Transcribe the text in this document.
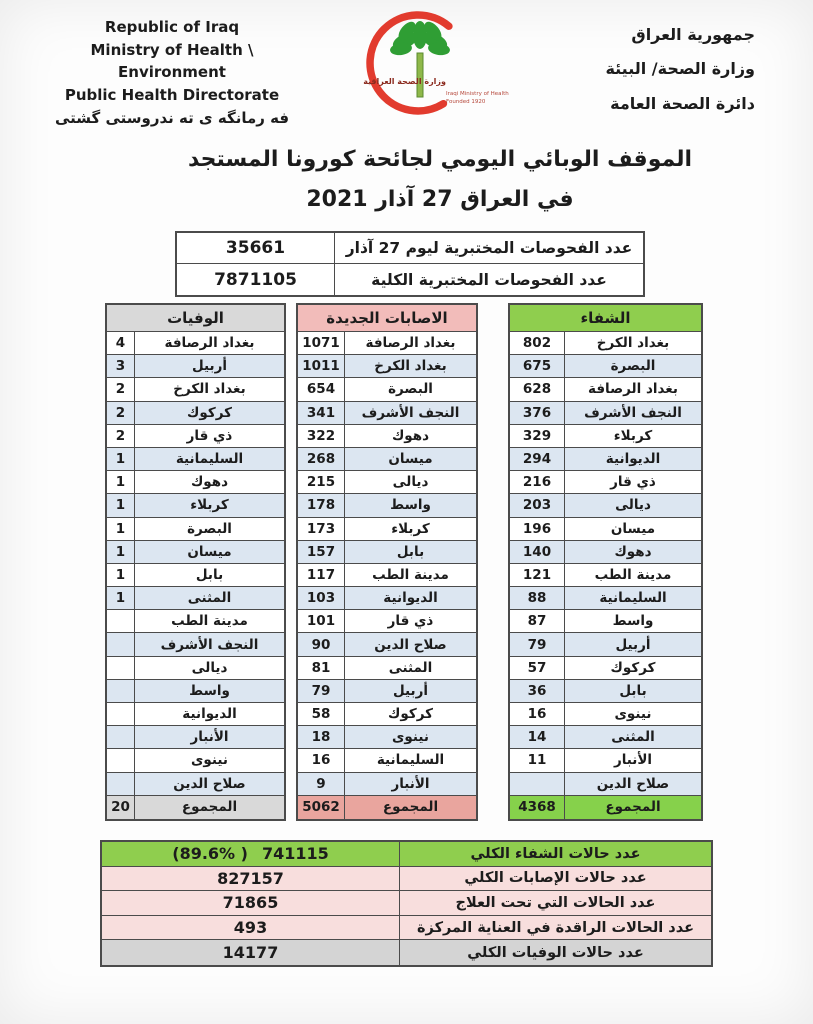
Republic of Iraq
Ministry of Health \ Environment
Public Health Directorate
فه رمانگه ى ته ندروستى گشتى
وزارة الصحة العراقية
Iraqi Ministry of Health
Founded 1920
جمهورية العراق
وزارة الصحة/ البيئة
دائرة الصحة العامة
الموقف الوبائي اليومي لجائحة كورونا المستجد
في العراق 27 آذار 2021
35661	عدد الفحوصات المختبرية ليوم 27 آذار
7871105	عدد الفحوصات المختبرية الكلية
الوفيات
4	بغداد الرصافة
3	أربيل
2	بغداد الكرخ
2	كركوك
2	ذي قار
1	السليمانية
1	دهوك
1	كربلاء
1	البصرة
1	ميسان
1	بابل
1	المثنى
مدينة الطب
النجف الأشرف
ديالى
واسط
الديوانية
الأنبار
نينوى
صلاح الدين
20	المجموع
الاصابات الجديدة
1071	بغداد الرصافة
1011	بغداد الكرخ
654	البصرة
341	النجف الأشرف
322	دهوك
268	ميسان
215	ديالى
178	واسط
173	كربلاء
157	بابل
117	مدينة الطب
103	الديوانية
101	ذي قار
90	صلاح الدين
81	المثنى
79	أربيل
58	كركوك
18	نينوى
16	السليمانية
9	الأنبار
5062	المجموع
الشفاء
802	بغداد الكرخ
675	البصرة
628	بغداد الرصافة
376	النجف الأشرف
329	كربلاء
294	الديوانية
216	ذي قار
203	ديالى
196	ميسان
140	دهوك
121	مدينة الطب
88	السليمانية
87	واسط
79	أربيل
57	كركوك
36	بابل
16	نينوى
14	المثنى
11	الأنبار
صلاح الدين
4368	المجموع
(89.6% ) 741115	عدد حالات الشفاء الكلي
827157	عدد حالات الإصابات الكلي
71865	عدد الحالات التي تحت العلاج
493	عدد الحالات الراقدة في العناية المركزة
14177	عدد حالات الوفيات الكلي
